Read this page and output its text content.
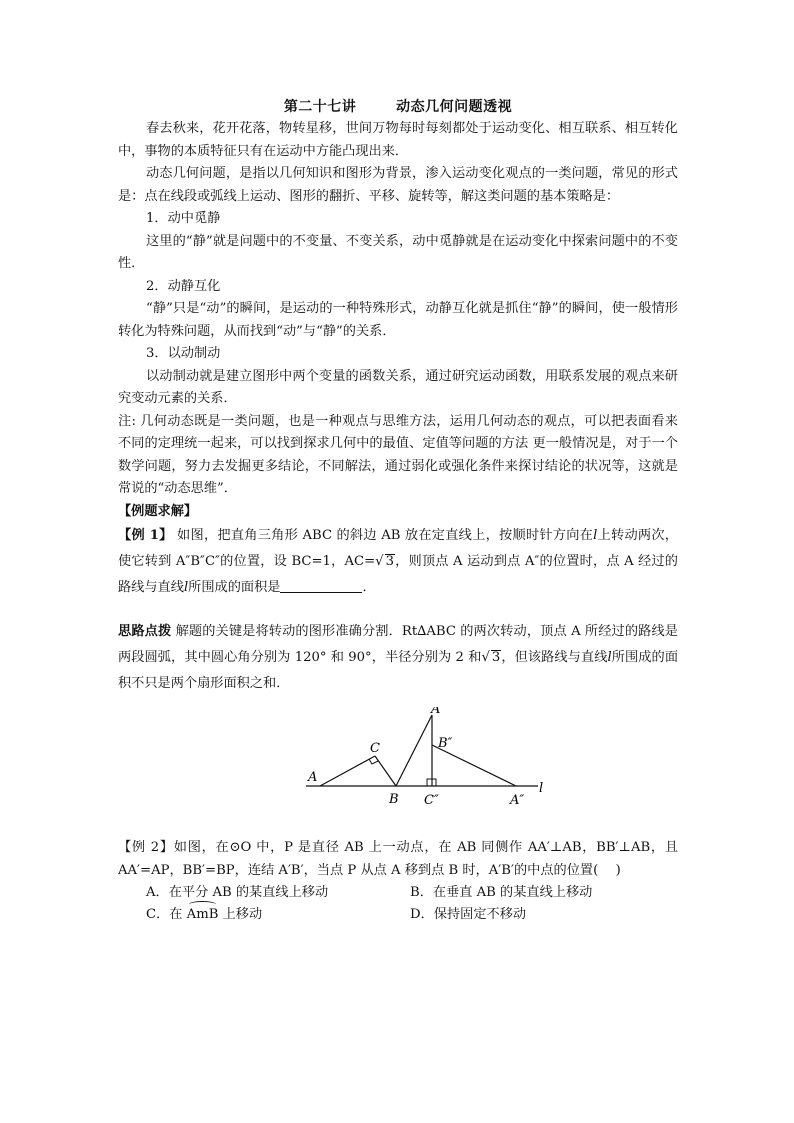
第二十七讲　 动态几何问题透视

春去秋来，花开花落，物转星移，世间万物每时每刻都处于运动变化、相互联系、相互转化中，事物的本质特征只有在运动中方能凸现出来．

动态几何问题，是指以几何知识和图形为背景，渗入运动变化观点的一类问题，常见的形式是：点在线段或弧线上运动、图形的翻折、平移、旋转等，解这类问题的基本策略是：

1．动中觅静

这里的“静”就是问题中的不变量、不变关系，动中觅静就是在运动变化中探索问题中的不变性．

2．动静互化

“静”只是“动”的瞬间，是运动的一种特殊形式，动静互化就是抓住“静”的瞬间，使一般情形转化为特殊问题，从而找到“动”与“静”的关系．

3．以动制动

以动制动就是建立图形中两个变量的函数关系，通过研究运动函数，用联系发展的观点来研究变动元素的关系．

注: 几何动态既是一类问题，也是一种观点与思维方法，运用几何动态的观点，可以把表面看来不同的定理统一起来，可以找到探求几何中的最值、定值等问题的方法 更一般情况是，对于一个数学问题，努力去发掘更多结论，不同解法，通过弱化或强化条件来探讨结论的状况等，这就是常说的“动态思维”．

【例题求解】

【例 1】 如图，把直角三角形 ABC 的斜边 AB 放在定直线上，按顺时针方向在l上转动两次，使它转到 A″B″C″的位置，设 BC=1，AC=√ 3，则顶点 A 运动到点 A″的位置时，点 A 经过的路线与直线l所围成的面积是	．

思路点拨 解题的关键是将转动的图形准确分割．Rt∆ABC 的两次转动，顶点 A 所经过的路线是两段圆弧，其中圆心角分别为 120° 和 90°，半径分别为 2 和√ 3，但该路线与直线l所围成的面积不只是两个扇形面积之和．

A
C
B
A′
B″
C″	A″
l

【例 2】如图，在⊙O 中，P 是直径 AB 上一动点，在 AB 同侧作 AA′⊥AB，BB′⊥AB，且 AA′=AP，BB′=BP，连结 A′B′，当点 P 从点 A 移到点 B 时，A′B′的中点的位置(　 )

A．在平分 AB 的某直线上移动	B．在垂直 AB 的某直线上移动
C．在 AmB 上移动	D．保持固定不移动
